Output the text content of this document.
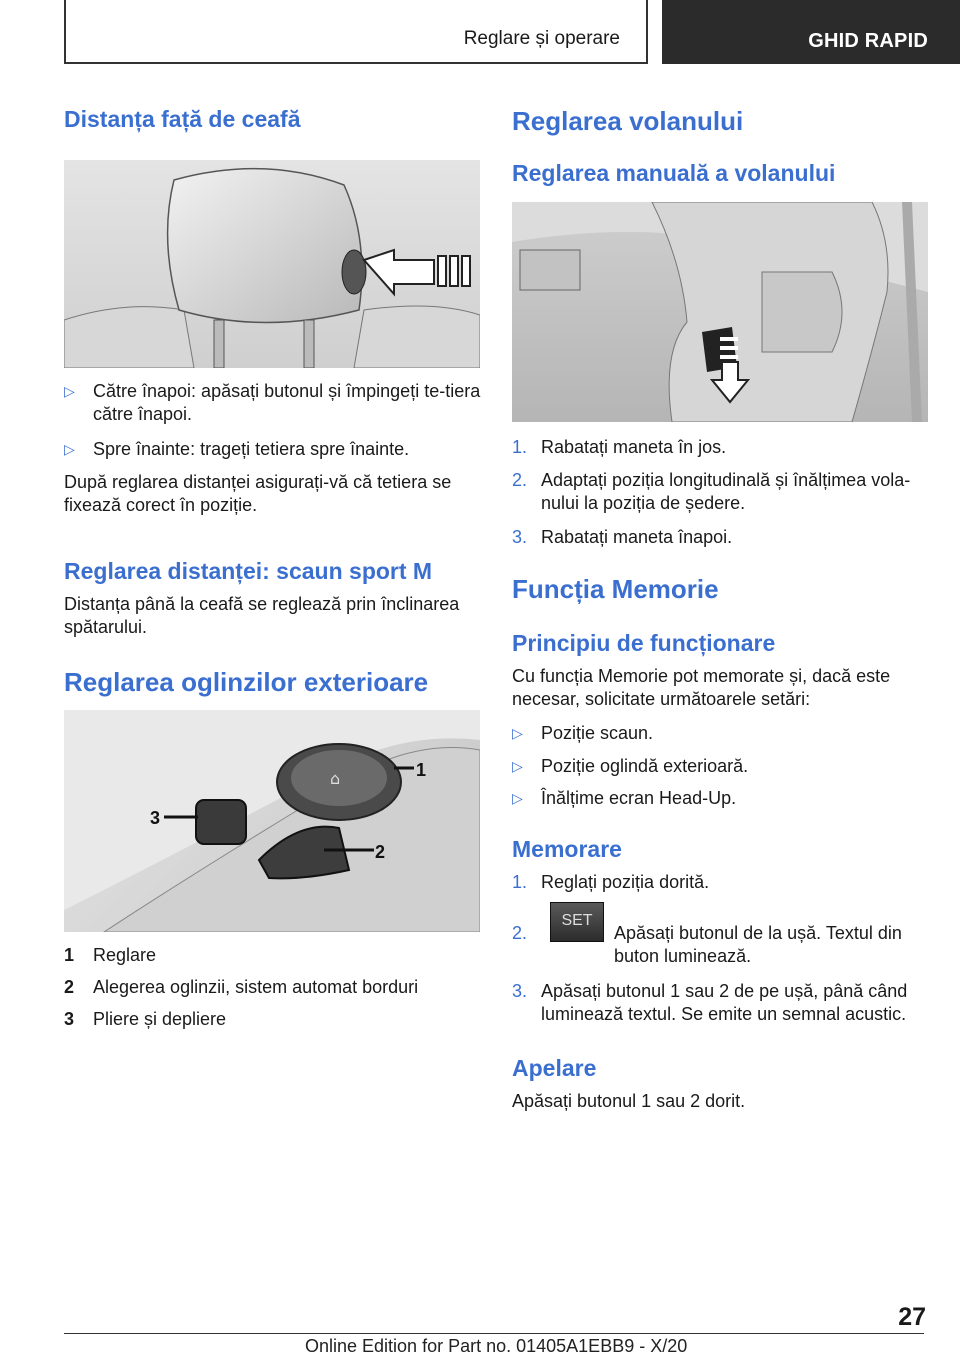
Reglare și operare	GHID RAPID
Distanța față de ceafă
▷ Către înapoi: apăsați butonul și împingeți te-tiera către înapoi.
▷ Spre înainte: trageți tetiera spre înainte.

După reglarea distanței asigurați-vă că tetiera se fixează corect în poziție.

Reglarea distanței: scaun sport M

Distanța până la ceafă se reglează prin înclinarea spătarului.

Reglarea oglinzilor exterioare
⌂	1
2
3
1 Reglare
2 Alegerea oglinzii, sistem automat borduri
3 Pliere și depliere
Reglarea volanului
Reglarea manuală a volanului
1. Rabatați maneta în jos.
2. Adaptați poziția longitudinală și înălțimea vola-nului la poziția de ședere.
3. Rabatați maneta înapoi.
Funcția Memorie
Principiu de funcționare

Cu funcția Memorie pot memorate și, dacă este necesar, solicitate următoarele setări:

▷ Poziție scaun.
▷ Poziție oglindă exterioară.
▷ Înălțime ecran Head-Up.
Memorare
1. Reglați poziția dorită.
2.
SET
Apăsați butonul de la ușă. Textul din buton luminează.
3. Apăsați butonul 1 sau 2 de pe ușă, până când luminează textul. Se emite un semnal acustic.
Apelare

Apăsați butonul 1 sau 2 dorit.

27
Online Edition for Part no. 01405A1EBB9 - X/20
